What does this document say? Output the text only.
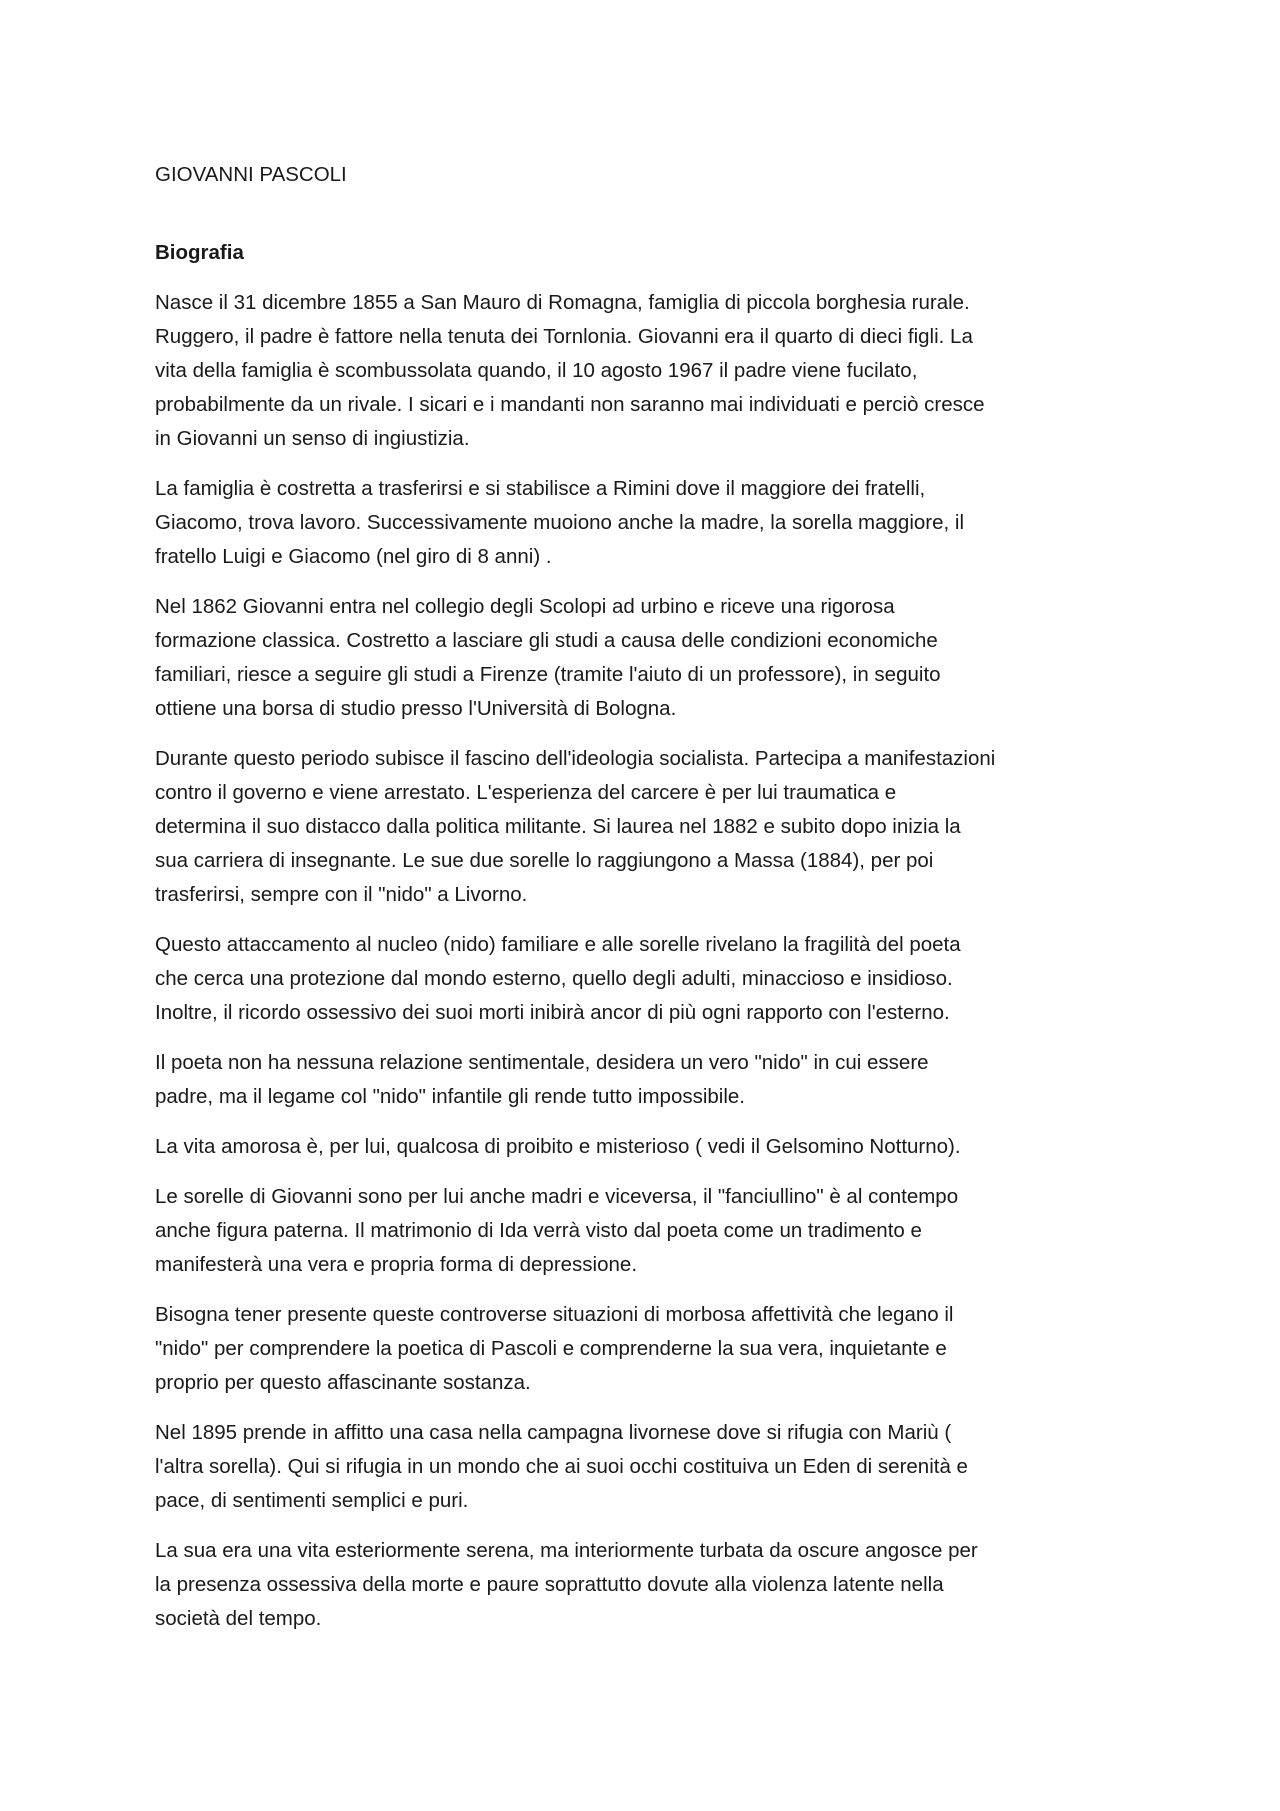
GIOVANNI PASCOLI
Biografia

Nasce il 31 dicembre 1855 a San Mauro di Romagna, famiglia di piccola borghesia rurale.
Ruggero, il padre è fattore nella tenuta dei Tornlonia. Giovanni era il quarto di dieci figli. La
vita della famiglia è scombussolata quando, il 10 agosto 1967 il padre viene fucilato,
probabilmente da un rivale. I sicari e i mandanti non saranno mai individuati e perciò cresce
in Giovanni un senso di ingiustizia.

La famiglia è costretta a trasferirsi e si stabilisce a Rimini dove il maggiore dei fratelli,
Giacomo, trova lavoro. Successivamente muoiono anche la madre, la sorella maggiore, il
fratello Luigi e Giacomo (nel giro di 8 anni) .

Nel 1862 Giovanni entra nel collegio degli Scolopi ad urbino e riceve una rigorosa
formazione classica. Costretto a lasciare gli studi a causa delle condizioni economiche
familiari, riesce a seguire gli studi a Firenze (tramite l'aiuto di un professore), in seguito
ottiene una borsa di studio presso l'Università di Bologna.

Durante questo periodo subisce il fascino dell'ideologia socialista. Partecipa a manifestazioni
contro il governo e viene arrestato. L'esperienza del carcere è per lui traumatica e
determina il suo distacco dalla politica militante. Si laurea nel 1882 e subito dopo inizia la
sua carriera di insegnante. Le sue due sorelle lo raggiungono a Massa (1884), per poi
trasferirsi, sempre con il "nido" a Livorno.

Questo attaccamento al nucleo (nido) familiare e alle sorelle rivelano la fragilità del poeta
che cerca una protezione dal mondo esterno, quello degli adulti, minaccioso e insidioso.
Inoltre, il ricordo ossessivo dei suoi morti inibirà ancor di più ogni rapporto con l'esterno.

Il poeta non ha nessuna relazione sentimentale, desidera un vero "nido" in cui essere
padre, ma il legame col "nido" infantile gli rende tutto impossibile.

La vita amorosa è, per lui, qualcosa di proibito e misterioso ( vedi il Gelsomino Notturno).

Le sorelle di Giovanni sono per lui anche madri e viceversa, il "fanciullino" è al contempo
anche figura paterna. Il matrimonio di Ida verrà visto dal poeta come un tradimento e
manifesterà una vera e propria forma di depressione.

Bisogna tener presente queste controverse situazioni di morbosa affettività che legano il
"nido" per comprendere la poetica di Pascoli e comprenderne la sua vera, inquietante e
proprio per questo affascinante sostanza.

Nel 1895 prende in affitto una casa nella campagna livornese dove si rifugia con Mariù (
l'altra sorella). Qui si rifugia in un mondo che ai suoi occhi costituiva un Eden di serenità e
pace, di sentimenti semplici e puri.

La sua era una vita esteriormente serena, ma interiormente turbata da oscure angosce per
la presenza ossessiva della morte e paure soprattutto dovute alla violenza latente nella
società del tempo.
